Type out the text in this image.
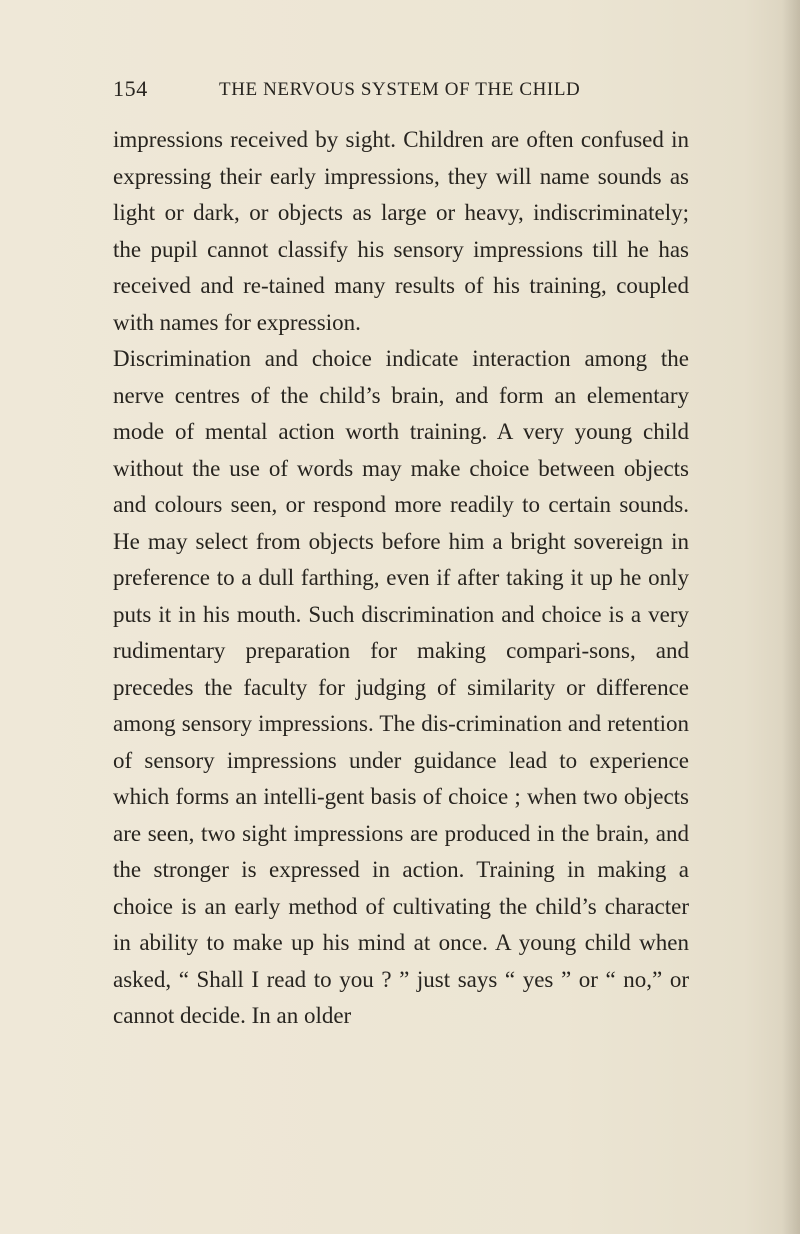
154	THE NERVOUS SYSTEM OF THE CHILD

impressions received by sight. Children are often confused in expressing their early impressions, they will name sounds as light or dark, or objects as large or heavy, indiscriminately; the pupil cannot classify his sensory impressions till he has received and re-tained many results of his training, coupled with names for expression.

Discrimination and choice indicate interaction among the nerve centres of the child’s brain, and form an elementary mode of mental action worth training. A very young child without the use of words may make choice between objects and colours seen, or respond more readily to certain sounds. He may select from objects before him a bright sovereign in preference to a dull farthing, even if after taking it up he only puts it in his mouth. Such discrimination and choice is a very rudimentary preparation for making compari-sons, and precedes the faculty for judging of similarity or difference among sensory impressions. The dis-crimination and retention of sensory impressions under guidance lead to experience which forms an intelli-gent basis of choice ; when two objects are seen, two sight impressions are produced in the brain, and the stronger is expressed in action. Training in making a choice is an early method of cultivating the child’s character in ability to make up his mind at once. A young child when asked, “ Shall I read to you ? ” just says “ yes ” or “ no,” or cannot decide. In an older
